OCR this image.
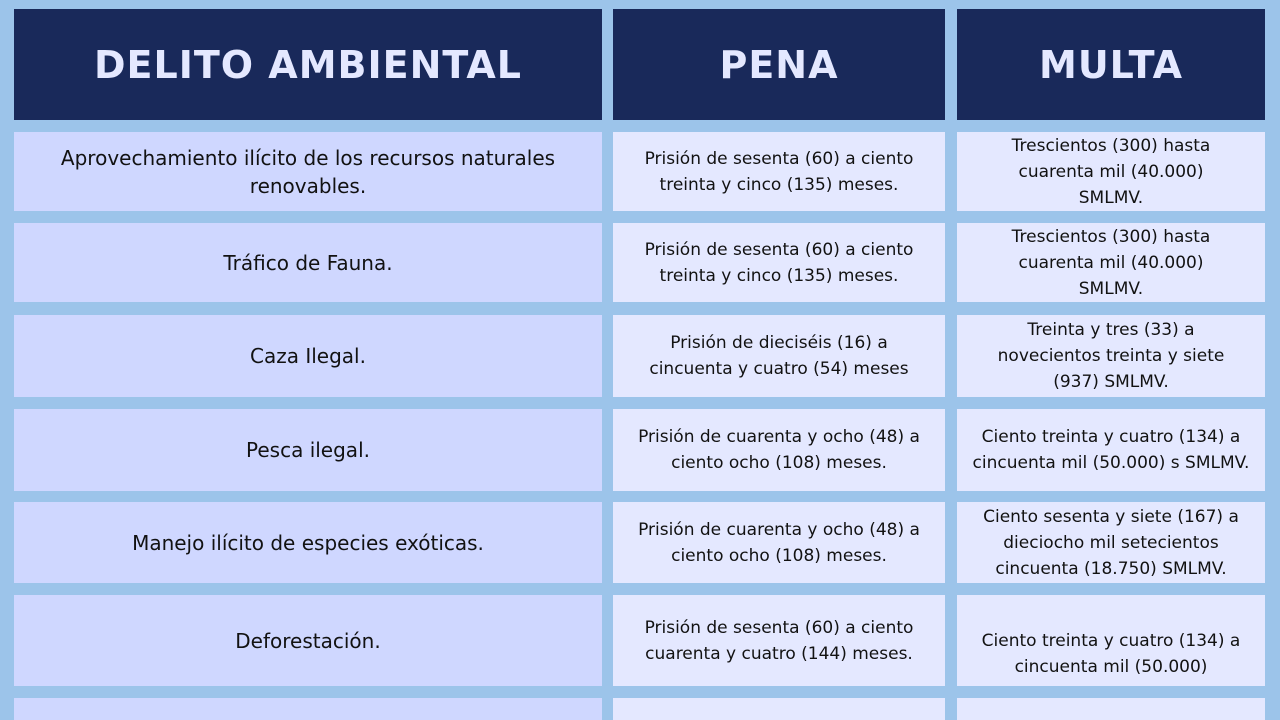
DELITO AMBIENTAL	PENA	MULTA
Aprovechamiento ilícito de los recursos naturales renovables.
Prisión de sesenta (60) a ciento treinta y cinco (135) meses.
Trescientos (300) hasta cuarenta mil (40.000) SMLMV.
Tráfico de Fauna.
Prisión de sesenta (60) a ciento treinta y cinco (135) meses.
Trescientos (300) hasta cuarenta mil (40.000) SMLMV.
Caza Ilegal.
Prisión de dieciséis (16) a cincuenta y cuatro (54) meses
Treinta y tres (33) a novecientos treinta y siete (937) SMLMV.
Pesca ilegal.
Prisión de cuarenta y ocho (48) a ciento ocho (108) meses.
Ciento treinta y cuatro (134) a cincuenta mil (50.000) s SMLMV.
Manejo ilícito de especies exóticas.
Prisión de cuarenta y ocho (48) a ciento ocho (108) meses.
Ciento sesenta y siete (167) a dieciocho mil setecientos cincuenta (18.750) SMLMV.
Deforestación.
Prisión de sesenta (60) a ciento cuarenta y cuatro (144) meses.
Ciento treinta y cuatro (134) a cincuenta mil (50.000)
